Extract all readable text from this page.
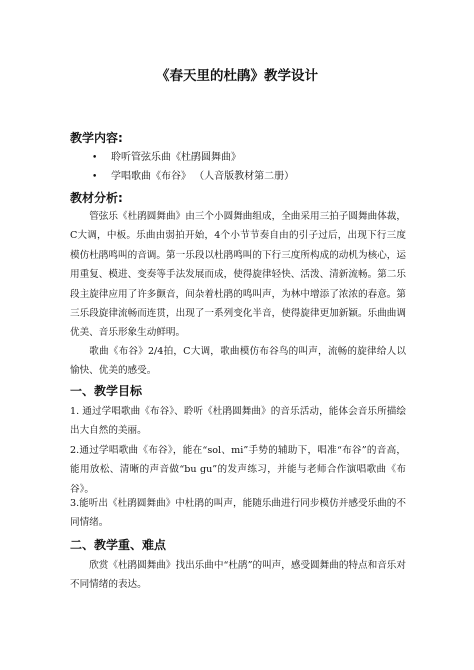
《春天里的杜鹃》教学设计
教学内容:
• 聆听管弦乐曲《杜鹃圆舞曲》
• 学唱歌曲《布谷》 （人音版教材第二册）
教材分析:
管弦乐《杜鹃圆舞曲》由三个小圆舞曲组成，全曲采用三拍子圆舞曲体裁，C大调，中板。乐曲由弱拍开始，4个小节节奏自由的引子过后，出现下行三度模仿杜鹃鸣叫的音调。第一乐段以杜鹃鸣叫的下行三度所构成的动机为核心，运用重复、模进、变奏等手法发展而成，使得旋律轻快、活泼、清新流畅。第二乐段主旋律应用了许多颤音，间杂着杜鹃的鸣叫声，为林中增添了浓浓的春意。第三乐段旋律流畅而连贯，出现了一系列变化半音，使得旋律更加新颖。乐曲曲调优美、音乐形象生动鲜明。
歌曲《布谷》2/4拍，C大调，歌曲模仿布谷鸟的叫声，流畅的旋律给人以愉快、优美的感受。
一、教学目标
1. 通过学唱歌曲《布谷》、聆听《杜鹃圆舞曲》的音乐活动，能体会音乐所描绘出大自然的美丽。
2.通过学唱歌曲《布谷》，能在“sol、mi”手势的辅助下，唱准“布谷”的音高，能用放松、清晰的声音做“bu gu”的发声练习，并能与老师合作演唱歌曲《布谷》。
3.能听出《杜鹃圆舞曲》中杜鹃的叫声，能随乐曲进行同步模仿并感受乐曲的不同情绪。
二、教学重、难点
欣赏《杜鹃圆舞曲》找出乐曲中“杜鹃”的叫声，感受圆舞曲的特点和音乐对不同情绪的表达。
